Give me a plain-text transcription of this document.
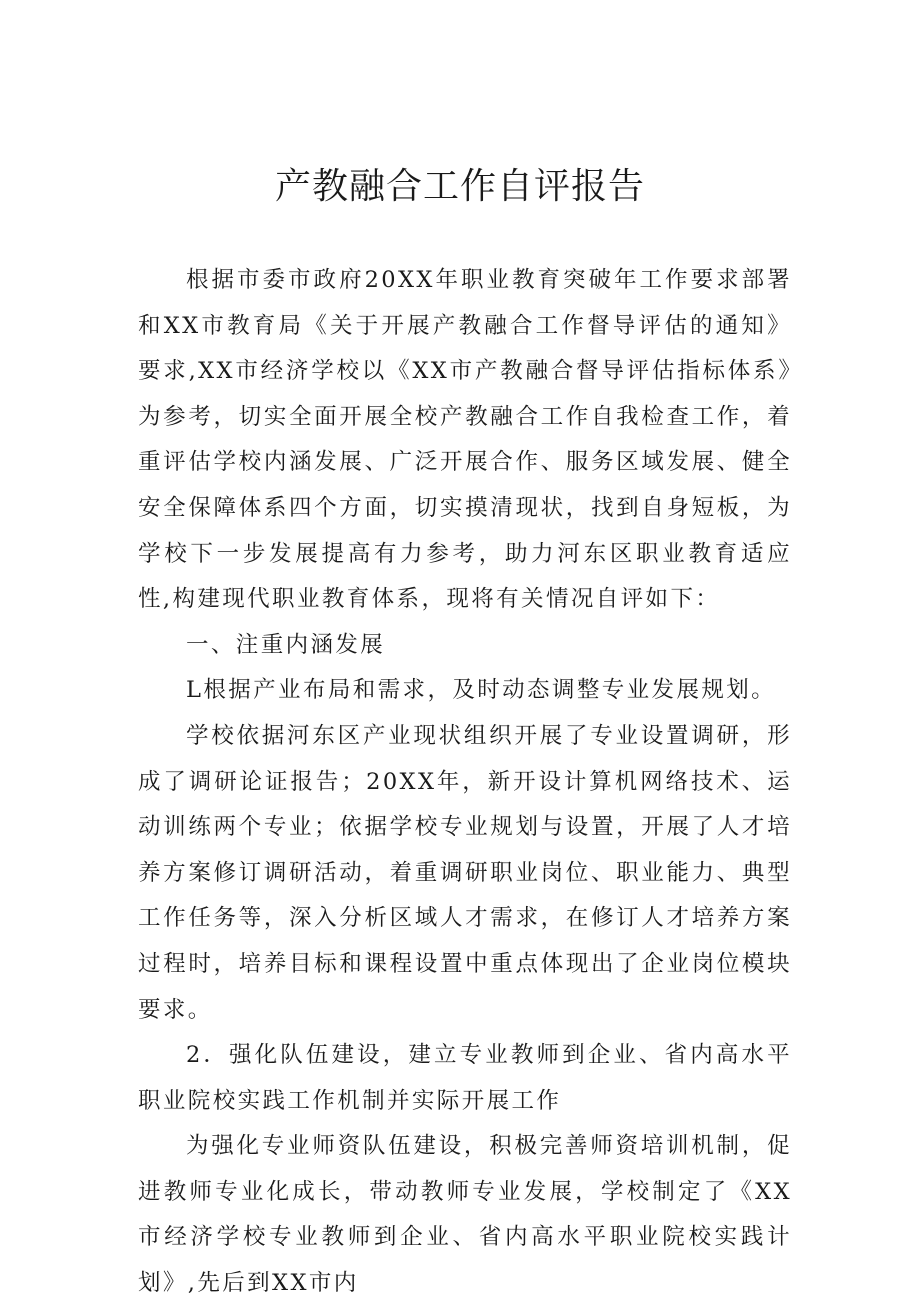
产教融合工作自评报告

根据市委市政府20XX年职业教育突破年工作要求部署和XX市教育局《关于开展产教融合工作督导评估的通知》要求,XX市经济学校以《XX市产教融合督导评估指标体系》为参考，切实全面开展全校产教融合工作自我检查工作，着重评估学校内涵发展、广泛开展合作、服务区域发展、健全安全保障体系四个方面，切实摸清现状，找到自身短板，为学校下一步发展提高有力参考，助力河东区职业教育适应性,构建现代职业教育体系，现将有关情况自评如下：

一、注重内涵发展

L根据产业布局和需求，及时动态调整专业发展规划。

学校依据河东区产业现状组织开展了专业设置调研，形成了调研论证报告；20XX年，新开设计算机网络技术、运动训练两个专业；依据学校专业规划与设置，开展了人才培养方案修订调研活动，着重调研职业岗位、职业能力、典型工作任务等，深入分析区域人才需求，在修订人才培养方案过程时，培养目标和课程设置中重点体现出了企业岗位模块要求。

2．强化队伍建设，建立专业教师到企业、省内高水平职业院校实践工作机制并实际开展工作

为强化专业师资队伍建设，积极完善师资培训机制，促进教师专业化成长，带动教师专业发展，学校制定了《XX市经济学校专业教师到企业、省内高水平职业院校实践计划》,先后到XX市内
